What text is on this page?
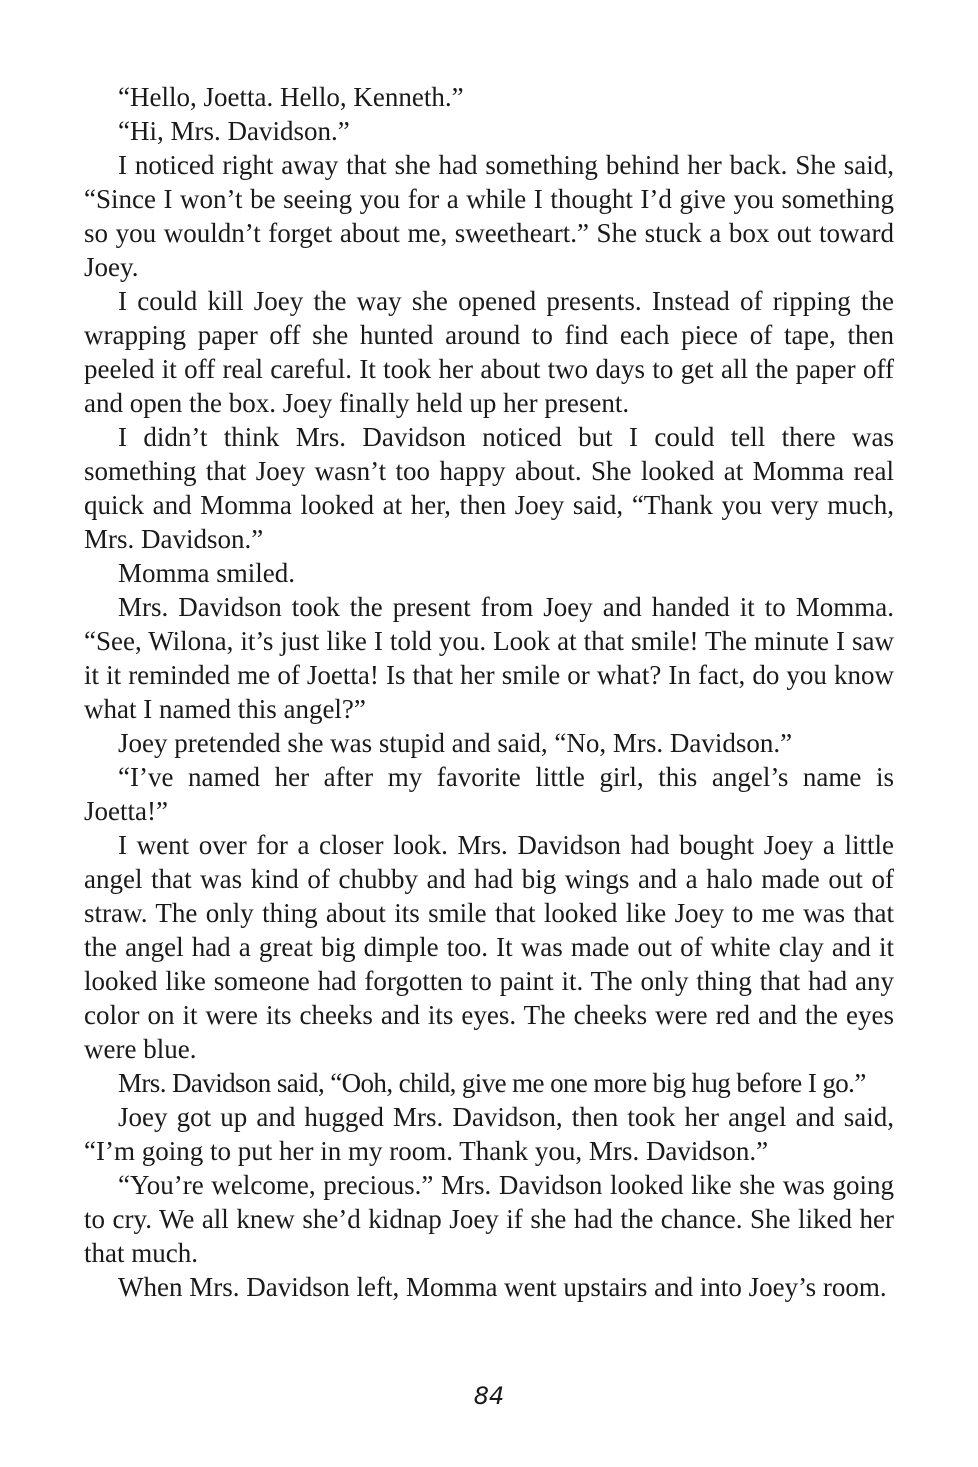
“Hello, Joetta. Hello, Kenneth.”

“Hi, Mrs. Davidson.”

I noticed right away that she had something behind her back. She said, “Since I won’t be seeing you for a while I thought I’d give you something so you wouldn’t forget about me, sweetheart.” She stuck a box out toward Joey.

I could kill Joey the way she opened presents. Instead of ripping the wrapping paper off she hunted around to find each piece of tape, then peeled it off real careful. It took her about two days to get all the paper off and open the box. Joey finally held up her present.

I didn’t think Mrs. Davidson noticed but I could tell there was something that Joey wasn’t too happy about. She looked at Momma real quick and Momma looked at her, then Joey said, “Thank you very much, Mrs. Davidson.”

Momma smiled.

Mrs. Davidson took the present from Joey and handed it to Momma. “See, Wilona, it’s just like I told you. Look at that smile! The minute I saw it it reminded me of Joetta! Is that her smile or what? In fact, do you know what I named this angel?”

Joey pretended she was stupid and said, “No, Mrs. Davidson.”

“I’ve named her after my favorite little girl, this angel’s name is Joetta!”

I went over for a closer look. Mrs. Davidson had bought Joey a little angel that was kind of chubby and had big wings and a halo made out of straw. The only thing about its smile that looked like Joey to me was that the angel had a great big dimple too. It was made out of white clay and it looked like someone had forgotten to paint it. The only thing that had any color on it were its cheeks and its eyes. The cheeks were red and the eyes were blue.

Mrs. Davidson said, “Ooh, child, give me one more big hug before I go.”

Joey got up and hugged Mrs. Davidson, then took her angel and said, “I’m going to put her in my room. Thank you, Mrs. Davidson.”

“You’re welcome, precious.” Mrs. Davidson looked like she was going to cry. We all knew she’d kidnap Joey if she had the chance. She liked her that much.

When Mrs. Davidson left, Momma went upstairs and into Joey’s room.

84
